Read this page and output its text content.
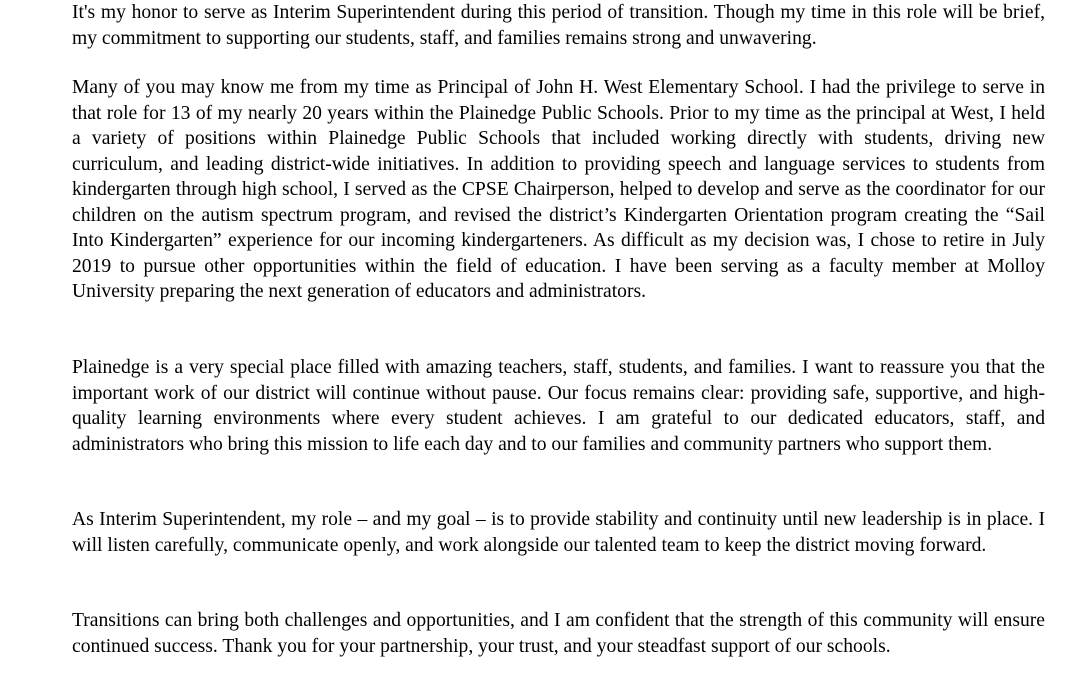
It's my honor to serve as Interim Superintendent during this period of transition. Though my time in this role will be brief, my commitment to supporting our students, staff, and families remains strong and unwavering.

Many of you may know me from my time as Principal of John H. West Elementary School. I had the privilege to serve in that role for 13 of my nearly 20 years within the Plainedge Public Schools. Prior to my time as the principal at West, I held a variety of positions within Plainedge Public Schools that included working directly with students, driving new curriculum, and leading district-wide initiatives. In addition to providing speech and language services to students from kindergarten through high school, I served as the CPSE Chairperson, helped to develop and serve as the coordinator for our children on the autism spectrum program, and revised the district’s Kindergarten Orientation program creating the “Sail Into Kindergarten” experience for our incoming kindergarteners. As difficult as my decision was, I chose to retire in July 2019 to pursue other opportunities within the field of education. I have been serving as a faculty member at Molloy University preparing the next generation of educators and administrators.

Plainedge is a very special place filled with amazing teachers, staff, students, and families. I want to reassure you that the important work of our district will continue without pause. Our focus remains clear: providing safe, supportive, and high-quality learning environments where every student achieves. I am grateful to our dedicated educators, staff, and administrators who bring this mission to life each day and to our families and community partners who support them.

As Interim Superintendent, my role – and my goal – is to provide stability and continuity until new leadership is in place. I will listen carefully, communicate openly, and work alongside our talented team to keep the district moving forward.

Transitions can bring both challenges and opportunities, and I am confident that the strength of this community will ensure continued success. Thank you for your partnership, your trust, and your steadfast support of our schools.
